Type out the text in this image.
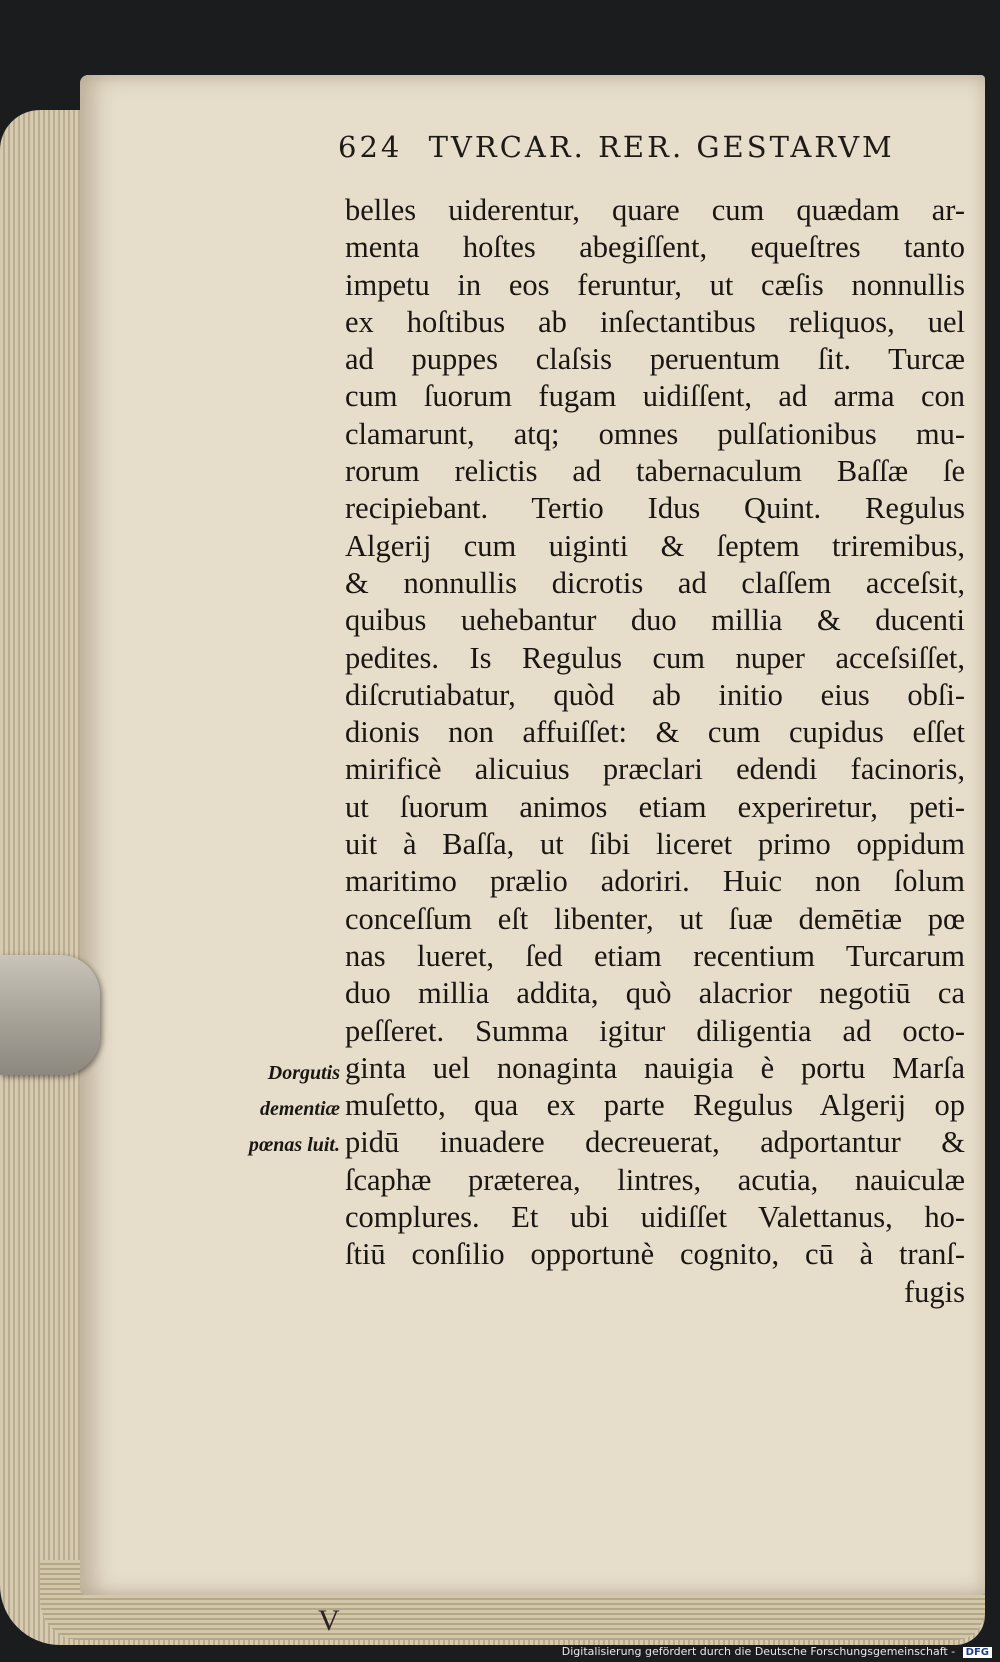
624 TVRCAR. RER. GESTARVM
belles uiderentur, quare cum quædam ar-
menta hoſtes abegiſſent, equeſtres tanto
impetu in eos feruntur, ut cæſis nonnullis
ex hoſtibus ab inſectantibus reliquos, uel
ad puppes claſsis peruentum ſit. Turcæ
cum ſuorum fugam uidiſſent, ad arma con
clamarunt, atq; omnes pulſationibus mu-
rorum relictis ad tabernaculum Baſſæ ſe
recipiebant. Tertio Idus Quint. Regulus
Algerij cum uiginti & ſeptem triremibus,
& nonnullis dicrotis ad claſſem acceſsit,
quibus uehebantur duo millia & ducenti
pedites. Is Regulus cum nuper acceſsiſſet,
diſcrutiabatur, quòd ab initio eius obſi-
dionis non affuiſſet: & cum cupidus eſſet
mirificè alicuius præclari edendi facinoris,
ut ſuorum animos etiam experiretur, peti-
uit à Baſſa, ut ſibi liceret primo oppidum
maritimo prælio adoriri. Huic non ſolum
conceſſum eſt libenter, ut ſuæ demētiæ pœ
nas lueret, ſed etiam recentium Turcarum
duo millia addita, quò alacrior negotiū ca
peſſeret. Summa igitur diligentia ad octo-
ginta uel nonaginta nauigia è portu Marſa
muſetto, qua ex parte Regulus Algerij op
pidū inuadere decreuerat, adportantur &
ſcaphæ præterea, lintres, acutia, nauiculæ
complures. Et ubi uidiſſet Valettanus, ho-
ſtiū conſilio opportunè cognito, cū à tranſ-
fugis
Dorgutis
dementiæ
pœnas luit.
V
Digitalisierung gefördert durch die Deutsche Forschungsgemeinschaft - DFG
